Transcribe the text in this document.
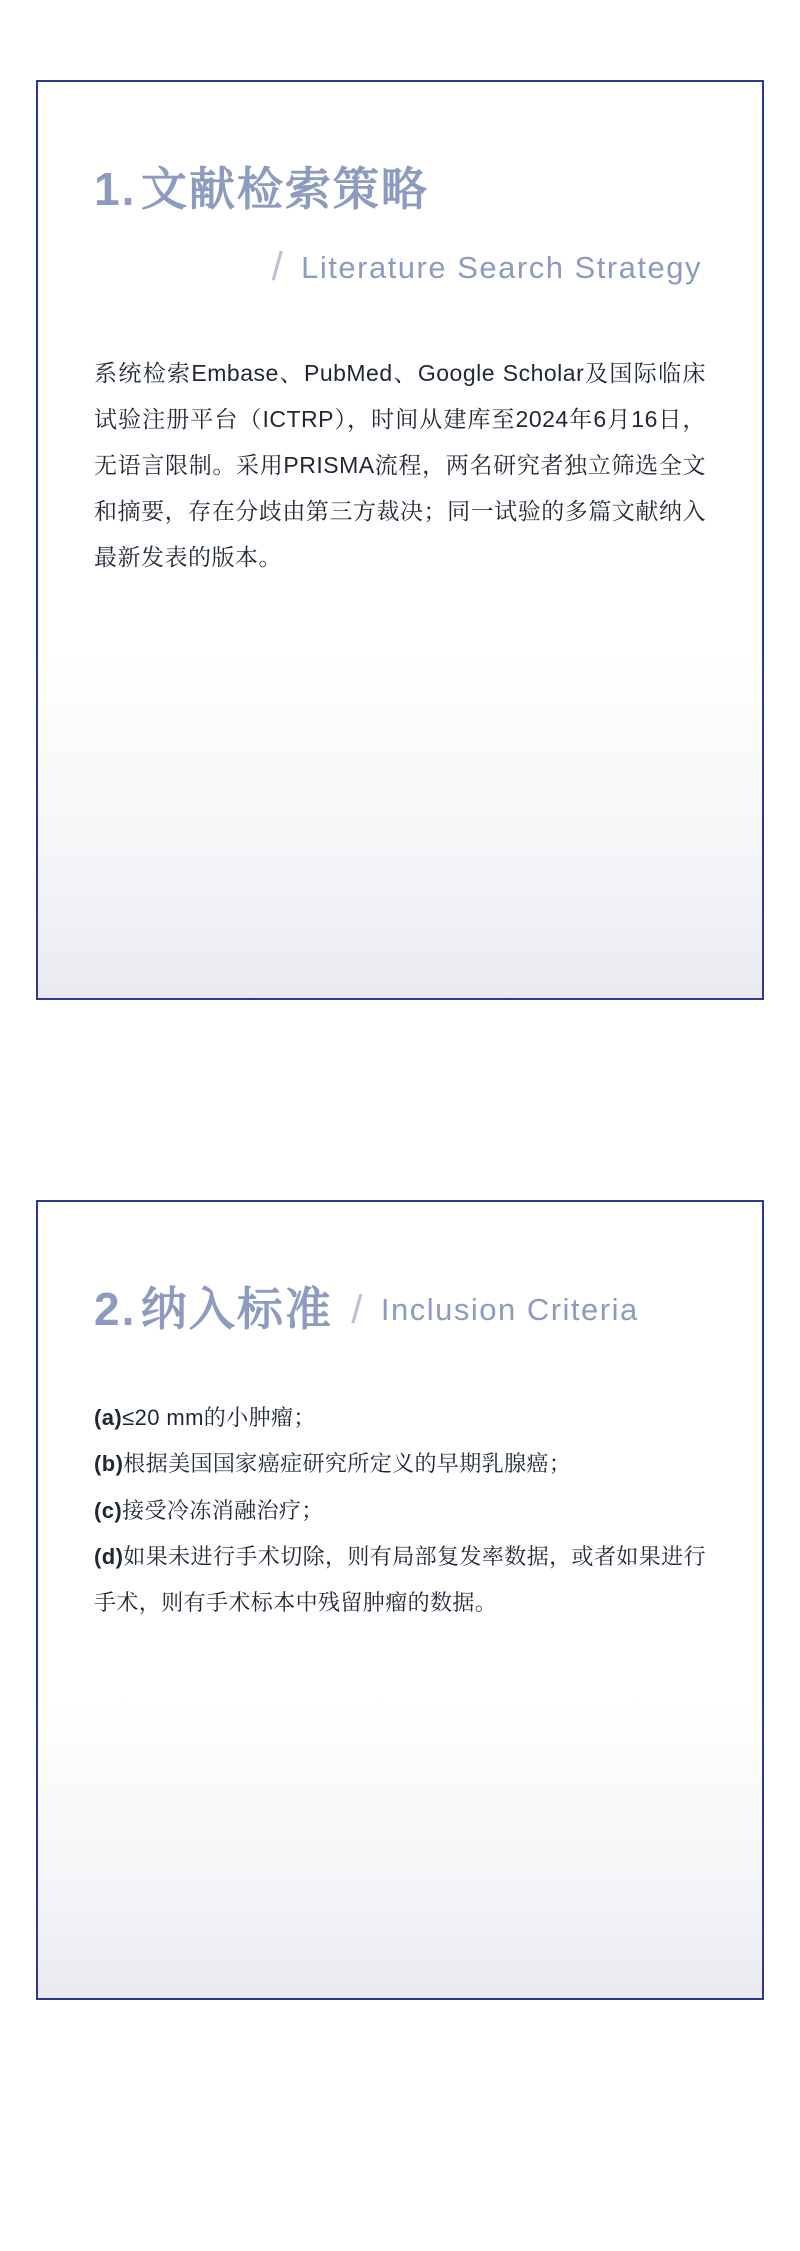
1. 文献检索策略
/ Literature Search Strategy

系统检索Embase、PubMed、Google Scholar及国际临床试验注册平台（ICTRP），时间从建库至2024年6月16日，无语言限制。采用PRISMA流程，两名研究者独立筛选全文和摘要，存在分歧由第三方裁决；同一试验的多篇文献纳入最新发表的版本。

2. 纳入标准 / Inclusion Criteria
(a)≤20 mm的小肿瘤；
(b)根据美国国家癌症研究所定义的早期乳腺癌；
(c)接受冷冻消融治疗；
(d)如果未进行手术切除，则有局部复发率数据，或者如果进行手术，则有手术标本中残留肿瘤的数据。
